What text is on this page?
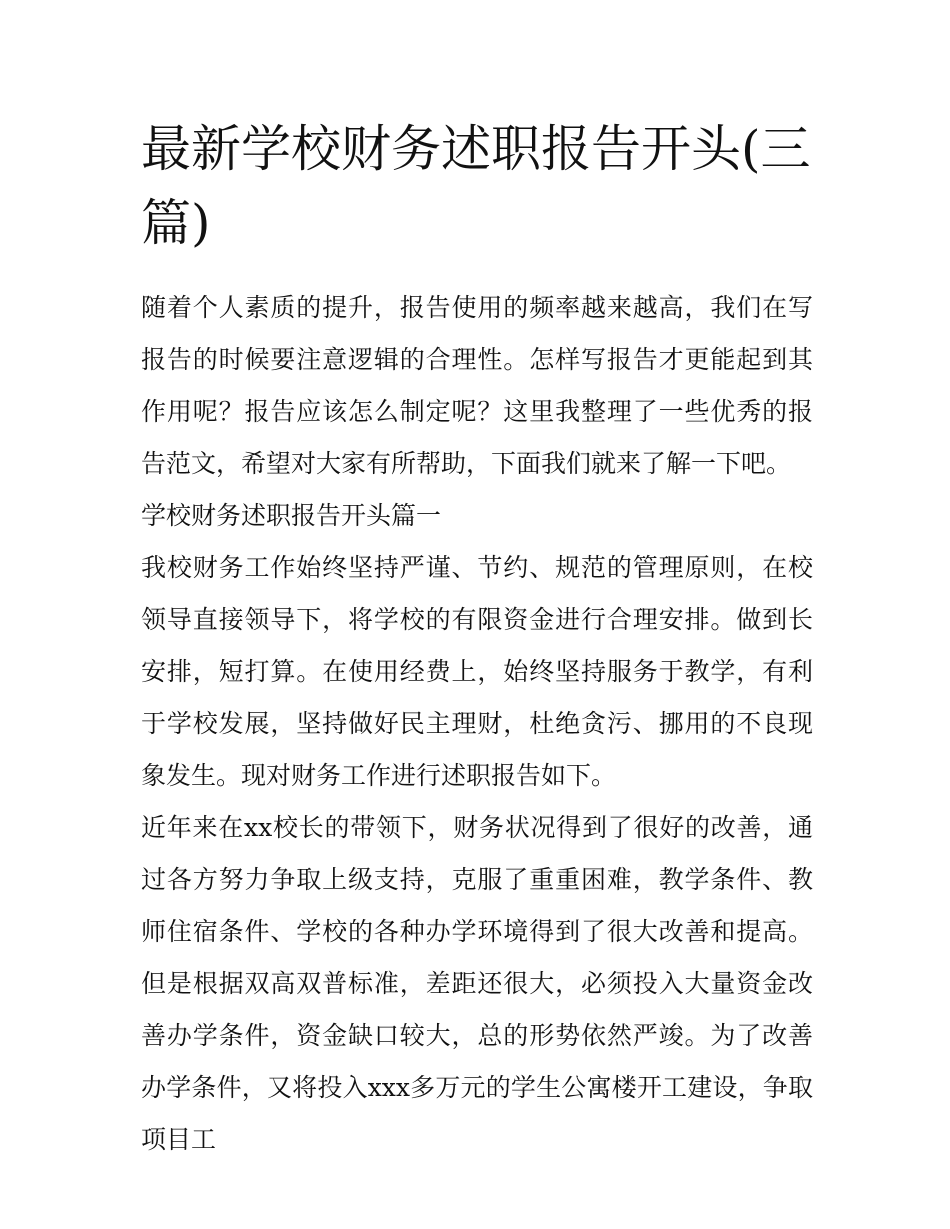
最新学校财务述职报告开头(三篇)

随着个人素质的提升，报告使用的频率越来越高，我们在写报告的时候要注意逻辑的合理性。怎样写报告才更能起到其作用呢？报告应该怎么制定呢？这里我整理了一些优秀的报告范文，希望对大家有所帮助，下面我们就来了解一下吧。

学校财务述职报告开头篇一

我校财务工作始终坚持严谨、节约、规范的管理原则，在校领导直接领导下，将学校的有限资金进行合理安排。做到长安排，短打算。在使用经费上，始终坚持服务于教学，有利于学校发展，坚持做好民主理财，杜绝贪污、挪用的不良现象发生。现对财务工作进行述职报告如下。

近年来在xx校长的带领下，财务状况得到了很好的改善，通过各方努力争取上级支持，克服了重重困难，教学条件、教师住宿条件、学校的各种办学环境得到了很大改善和提高。但是根据双高双普标准，差距还很大，必须投入大量资金改善办学条件，资金缺口较大，总的形势依然严竣。为了改善办学条件，又将投入xxx多万元的学生公寓楼开工建设，争取项目工
